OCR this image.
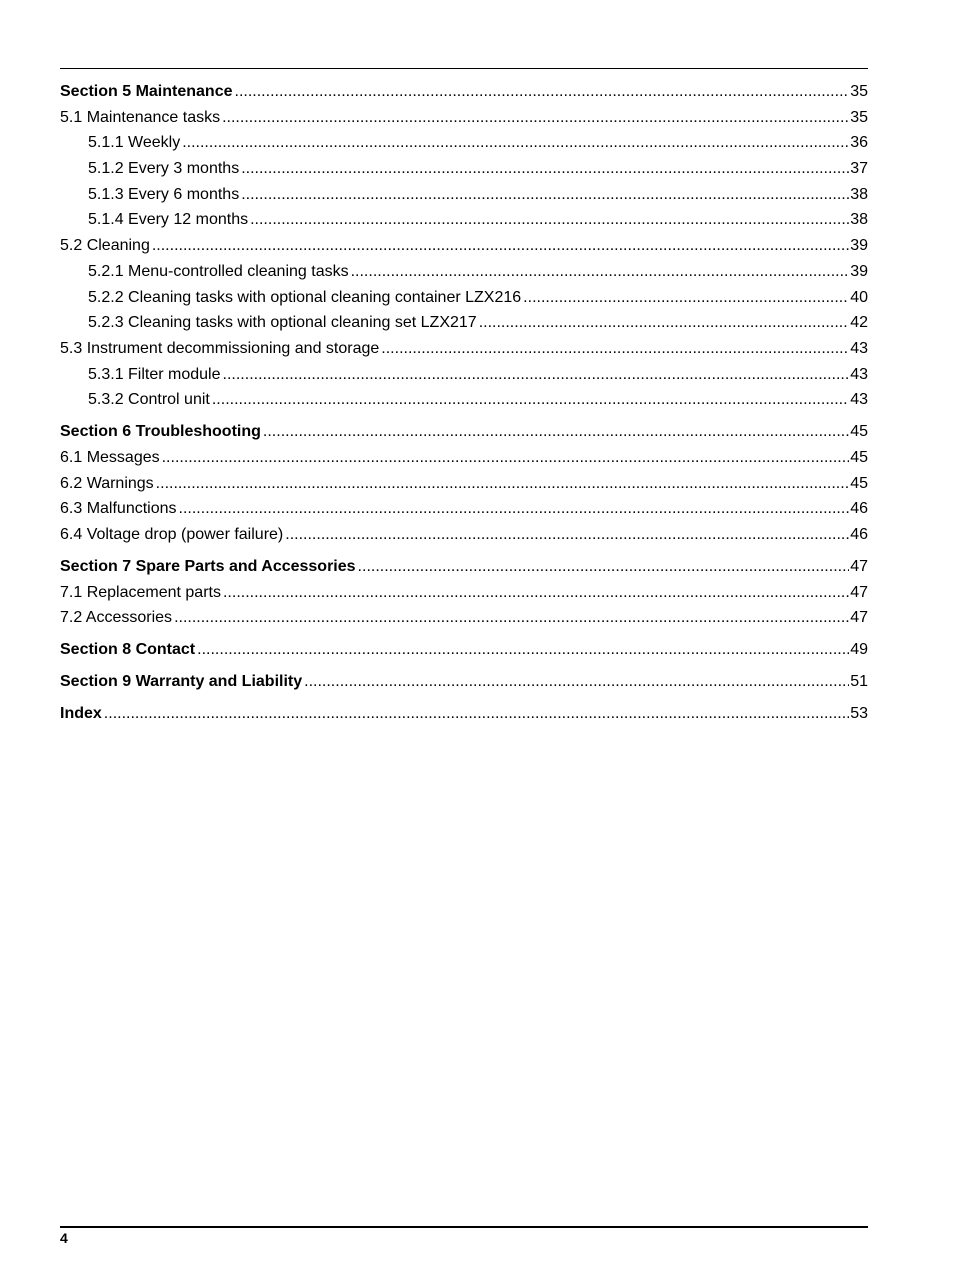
Section 5 Maintenance .....	35
5.1 Maintenance tasks .....	35
5.1.1 Weekly .....	36
5.1.2 Every 3 months .....	37
5.1.3 Every 6 months .....	38
5.1.4 Every 12 months .....	38
5.2 Cleaning .....	39
5.2.1 Menu-controlled cleaning tasks .....	39
5.2.2 Cleaning tasks with optional cleaning container LZX216 .....	40
5.2.3 Cleaning tasks with optional cleaning set LZX217 .....	42
5.3 Instrument decommissioning and storage .....	43
5.3.1 Filter module .....	43
5.3.2 Control unit .....	43
Section 6 Troubleshooting .....	45
6.1 Messages .....	45
6.2 Warnings .....	45
6.3 Malfunctions .....	46
6.4 Voltage drop (power failure) .....	46
Section 7 Spare Parts and Accessories .....	47
7.1 Replacement parts .....	47
7.2 Accessories .....	47
Section 8 Contact .....	49
Section 9 Warranty and Liability .....	51
Index .....	53
4
